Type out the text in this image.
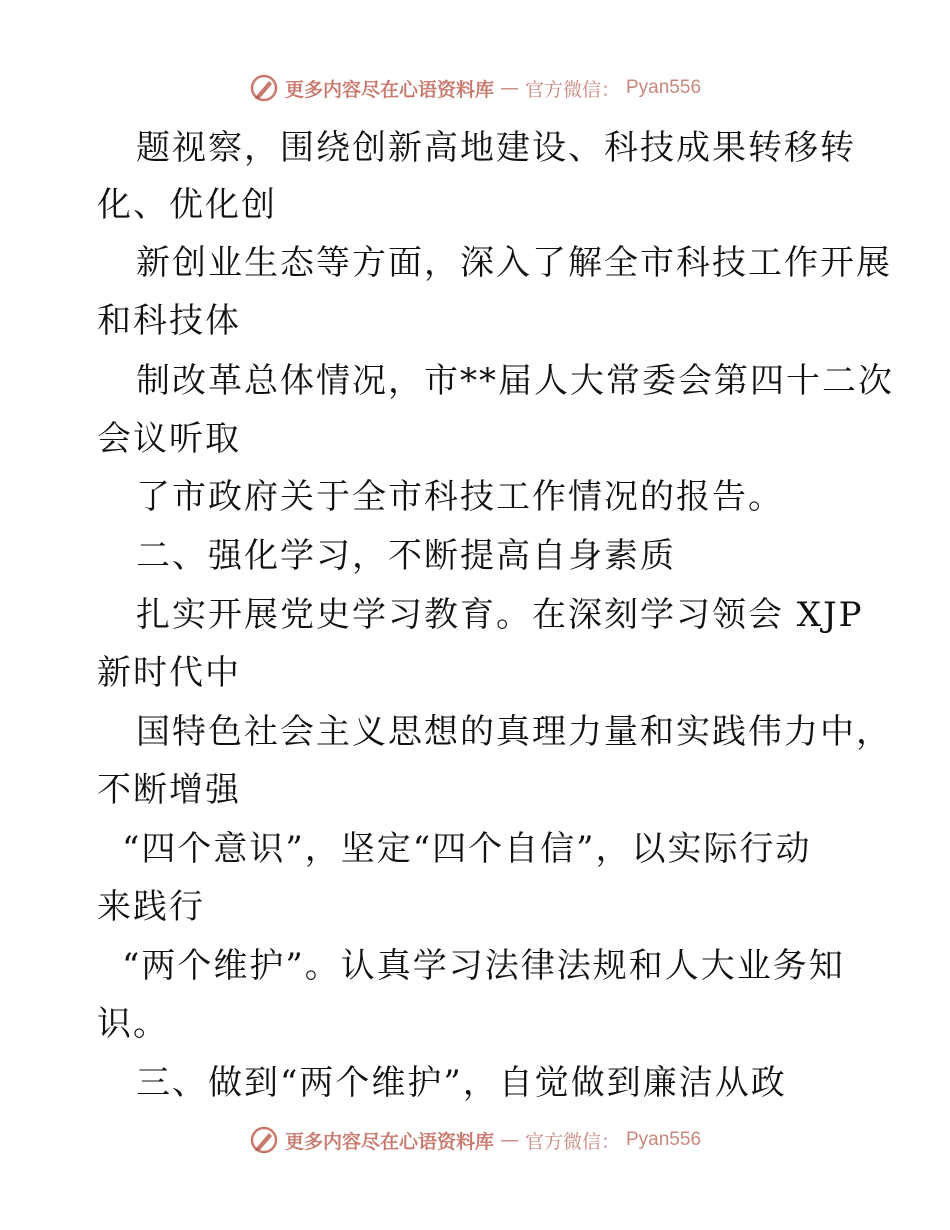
更多内容尽在心语资料库 — 官方微信： Pyan556
题视察，围绕创新高地建设、科技成果转移转
化、优化创
新创业生态等方面，深入了解全市科技工作开展
和科技体
制改革总体情况，市**届人大常委会第四十二次
会议听取
了市政府关于全市科技工作情况的报告。
二、强化学习，不断提高自身素质
扎实开展党史学习教育。在深刻学习领会 XJP
新时代中
国特色社会主义思想的真理力量和实践伟力中，
不断增强
“四个意识”，坚定“四个自信”，以实际行动
来践行
“两个维护”。认真学习法律法规和人大业务知
识。
三、做到“两个维护”，自觉做到廉洁从政
更多内容尽在心语资料库 — 官方微信： Pyan556
